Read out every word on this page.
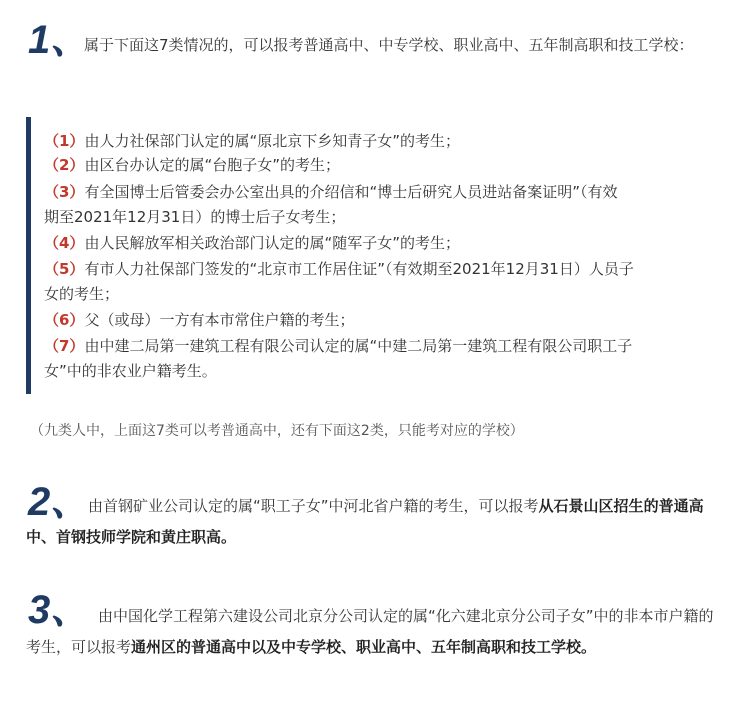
1、
属于下面这7类情况的，可以报考普通高中、中专学校、职业高中、五年制高职和技工学校：
（1）由人力社保部门认定的属“原北京下乡知青子女”的考生；
（2）由区台办认定的属“台胞子女”的考生；
（3）有全国博士后管委会办公室出具的介绍信和“博士后研究人员进站备案证明”（有效
期至2021年12月31日）的博士后子女考生；
（4）由人民解放军相关政治部门认定的属“随军子女”的考生；
（5）有市人力社保部门签发的“北京市工作居住证”（有效期至2021年12月31日）人员子
女的考生；
（6）父（或母）一方有本市常住户籍的考生；
（7）由中建二局第一建筑工程有限公司认定的属“中建二局第一建筑工程有限公司职工子
女”中的非农业户籍考生。
（九类人中，上面这7类可以考普通高中，还有下面这2类，只能考对应的学校）
2、
由首钢矿业公司认定的属“职工子女”中河北省户籍的考生，可以报考从石景山区招生的普通高中、首钢技师学院和黄庄职高。
3、 由中国化学工程第六建设公司北京分公司认定的属“化六建北京分公司子女”中的非本市户籍的考生，可以报考通州区的普通高中以及中专学校、职业高中、五年制高职和技工学校。
